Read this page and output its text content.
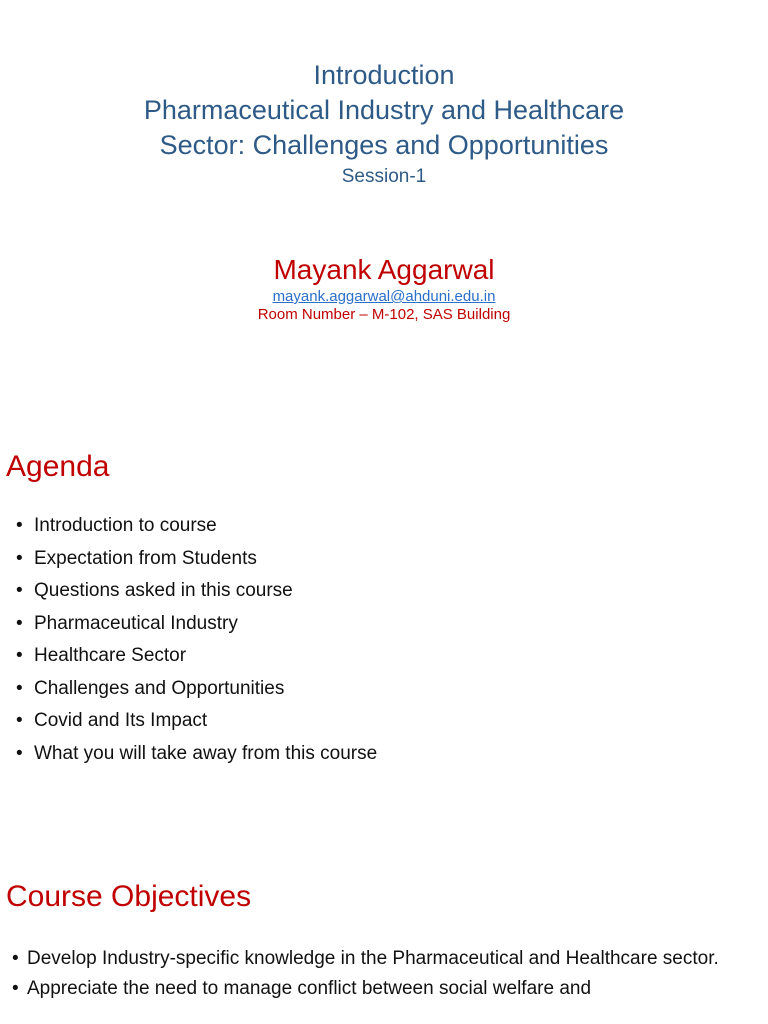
Introduction
Pharmaceutical Industry and Healthcare
Sector: Challenges and Opportunities
Session-1
Mayank Aggarwal
mayank.aggarwal@ahduni.edu.in
Room Number – M-102, SAS Building
Agenda
• Introduction to course
• Expectation from Students
• Questions asked in this course
• Pharmaceutical Industry
• Healthcare Sector
• Challenges and Opportunities
• Covid and Its Impact
• What you will take away from this course
Course Objectives
• Develop Industry-specific knowledge in the Pharmaceutical and Healthcare sector.
• Appreciate the need to manage conflict between social welfare and
